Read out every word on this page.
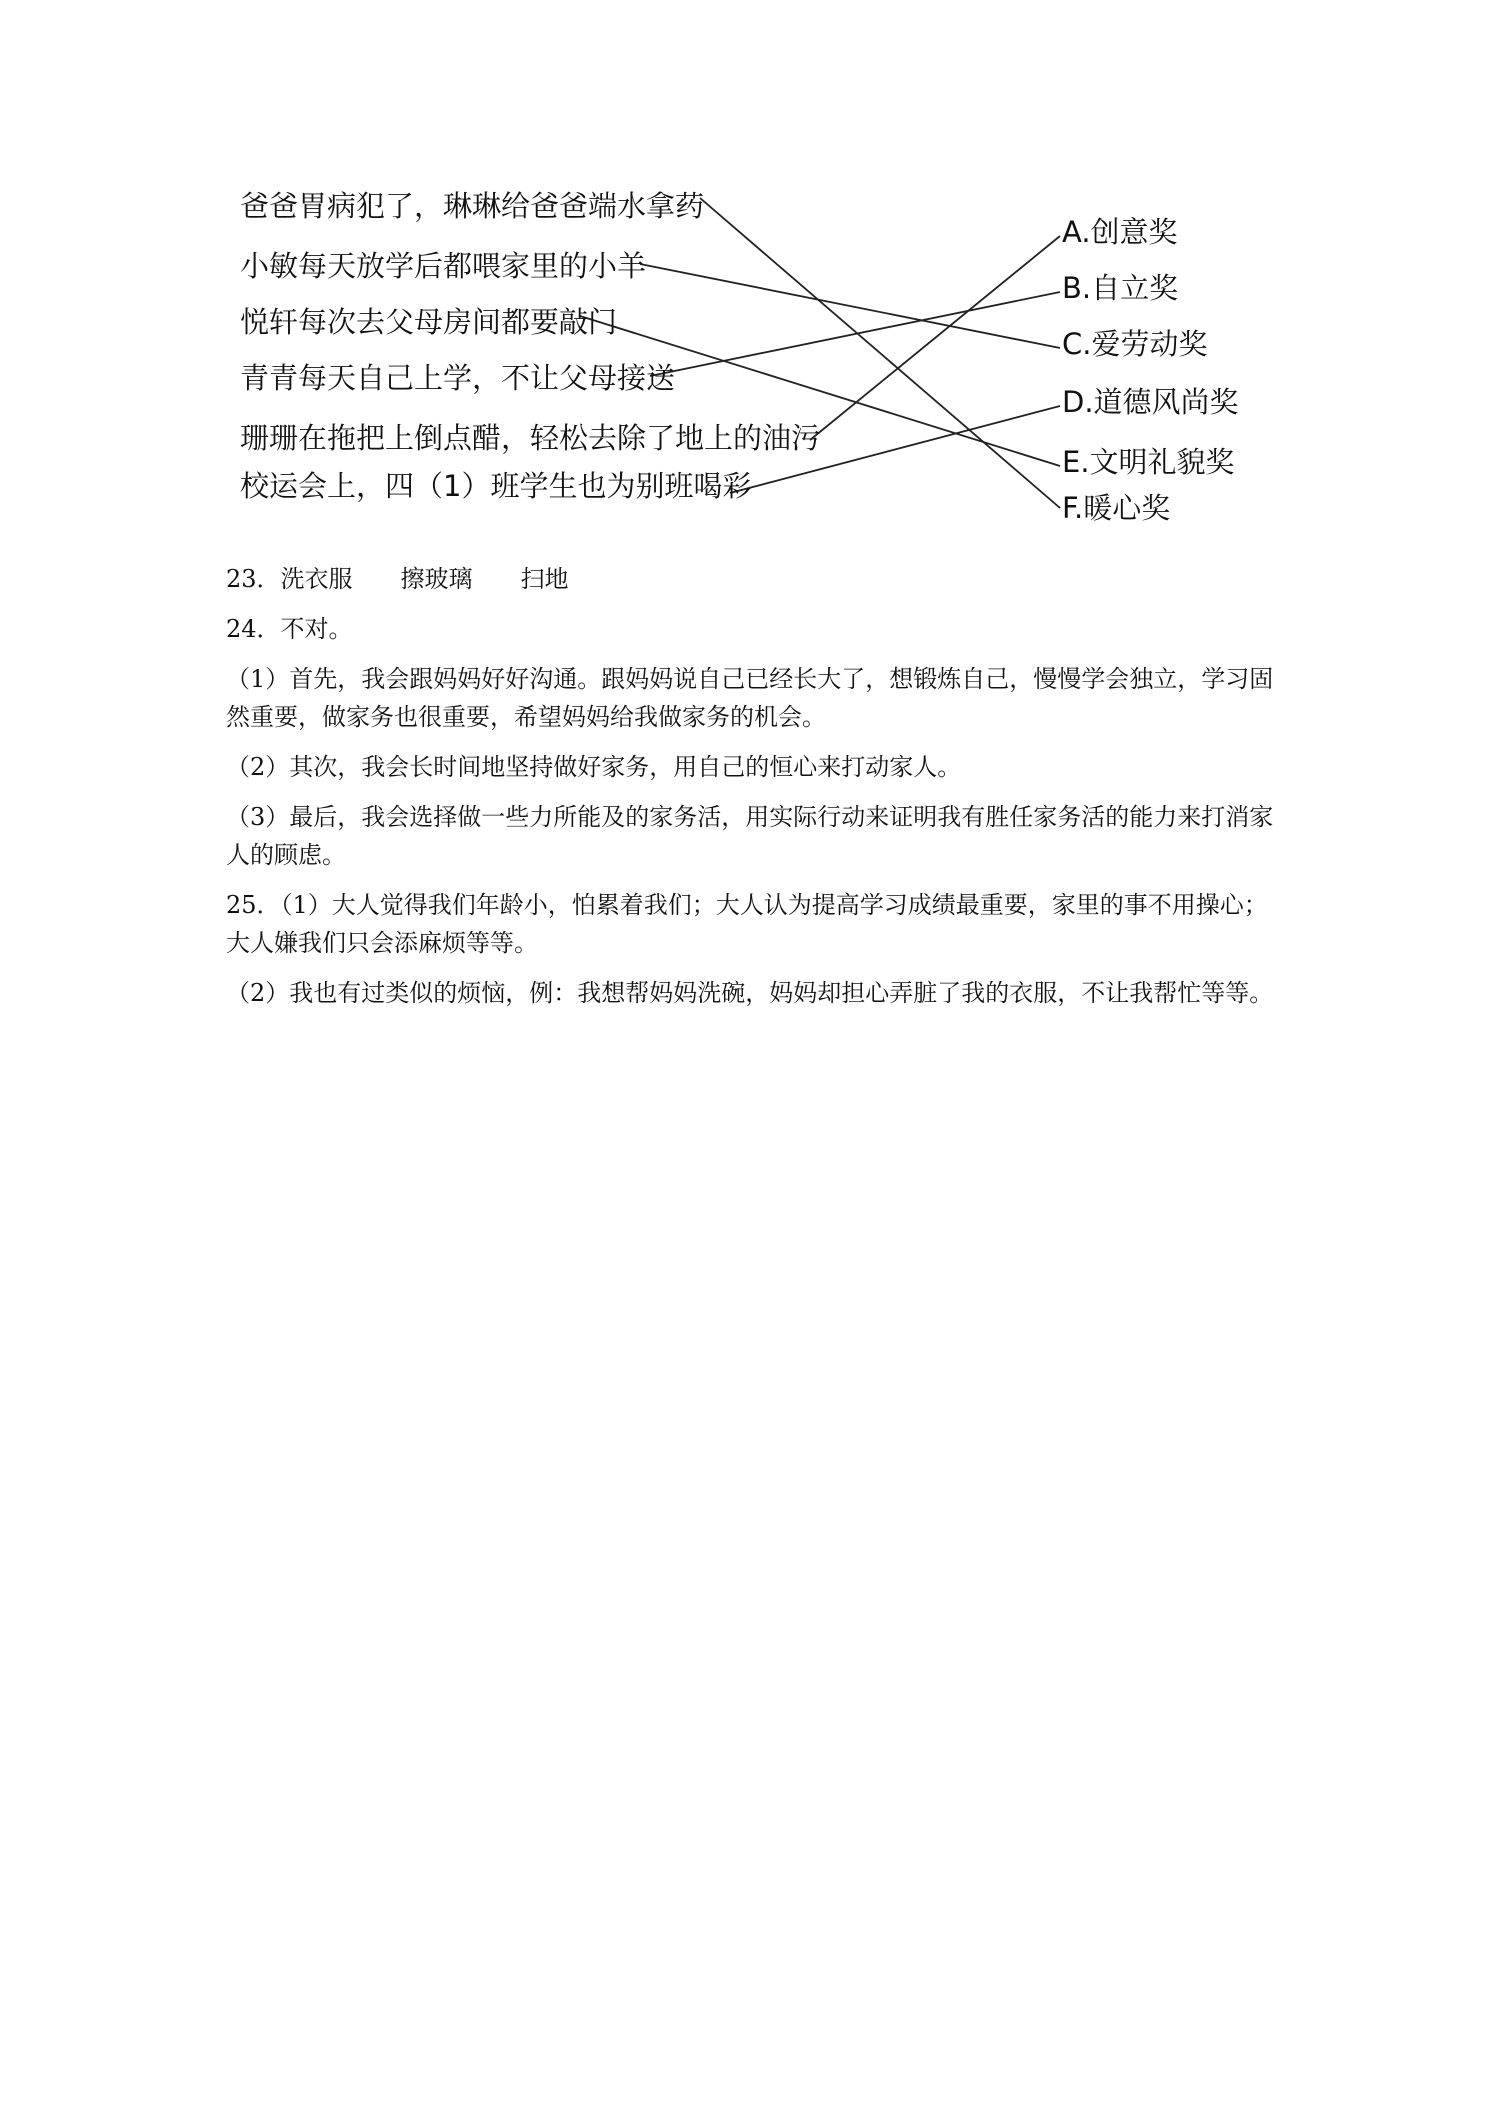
爸爸胃病犯了，琳琳给爸爸端水拿药
小敏每天放学后都喂家里的小羊
悦轩每次去父母房间都要敲门
青青每天自己上学，不让父母接送
珊珊在拖把上倒点醋，轻松去除了地上的油污
校运会上，四（1）班学生也为别班喝彩
A.创意奖
B.自立奖
C.爱劳动奖
D.道德风尚奖
E.文明礼貌奖
F.暖心奖

23．洗衣服 擦玻璃 扫地

24．不对。

（1）首先，我会跟妈妈好好沟通。跟妈妈说自己已经长大了，想锻炼自己，慢慢学会独立，学习固然重要，做家务也很重要，希望妈妈给我做家务的机会。

（2）其次，我会长时间地坚持做好家务，用自己的恒心来打动家人。

（3）最后，我会选择做一些力所能及的家务活，用实际行动来证明我有胜任家务活的能力来打消家人的顾虑。

25．（1）大人觉得我们年龄小，怕累着我们；大人认为提高学习成绩最重要，家里的事不用操心；大人嫌我们只会添麻烦等等。

（2）我也有过类似的烦恼，例：我想帮妈妈洗碗，妈妈却担心弄脏了我的衣服，不让我帮忙等等。
